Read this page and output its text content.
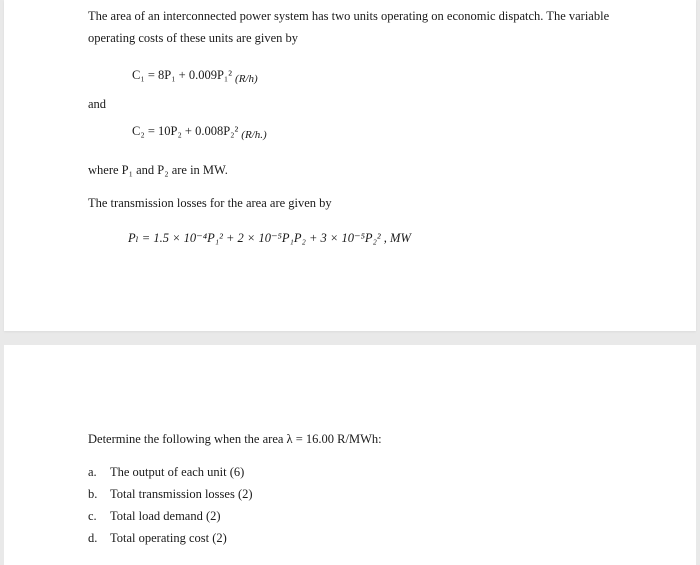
The area of an interconnected power system has two units operating on economic dispatch. The variable
operating costs of these units are given by
C₁ = 8P₁ + 0.009P₁² (R/h)
and
C₂ = 10P₂ + 0.008P₂² (R/h.)
where P₁ and P₂ are in MW.
The transmission losses for the area are given by
Pₗ = 1.5 × 10⁻⁴P₁² + 2 × 10⁻⁵P₁P₂ + 3 × 10⁻⁵P₂² , MW
Determine the following when the area λ = 16.00 R/MWh:
a. The output of each unit (6)
b. Total transmission losses (2)
c. Total load demand (2)
d. Total operating cost (2)
